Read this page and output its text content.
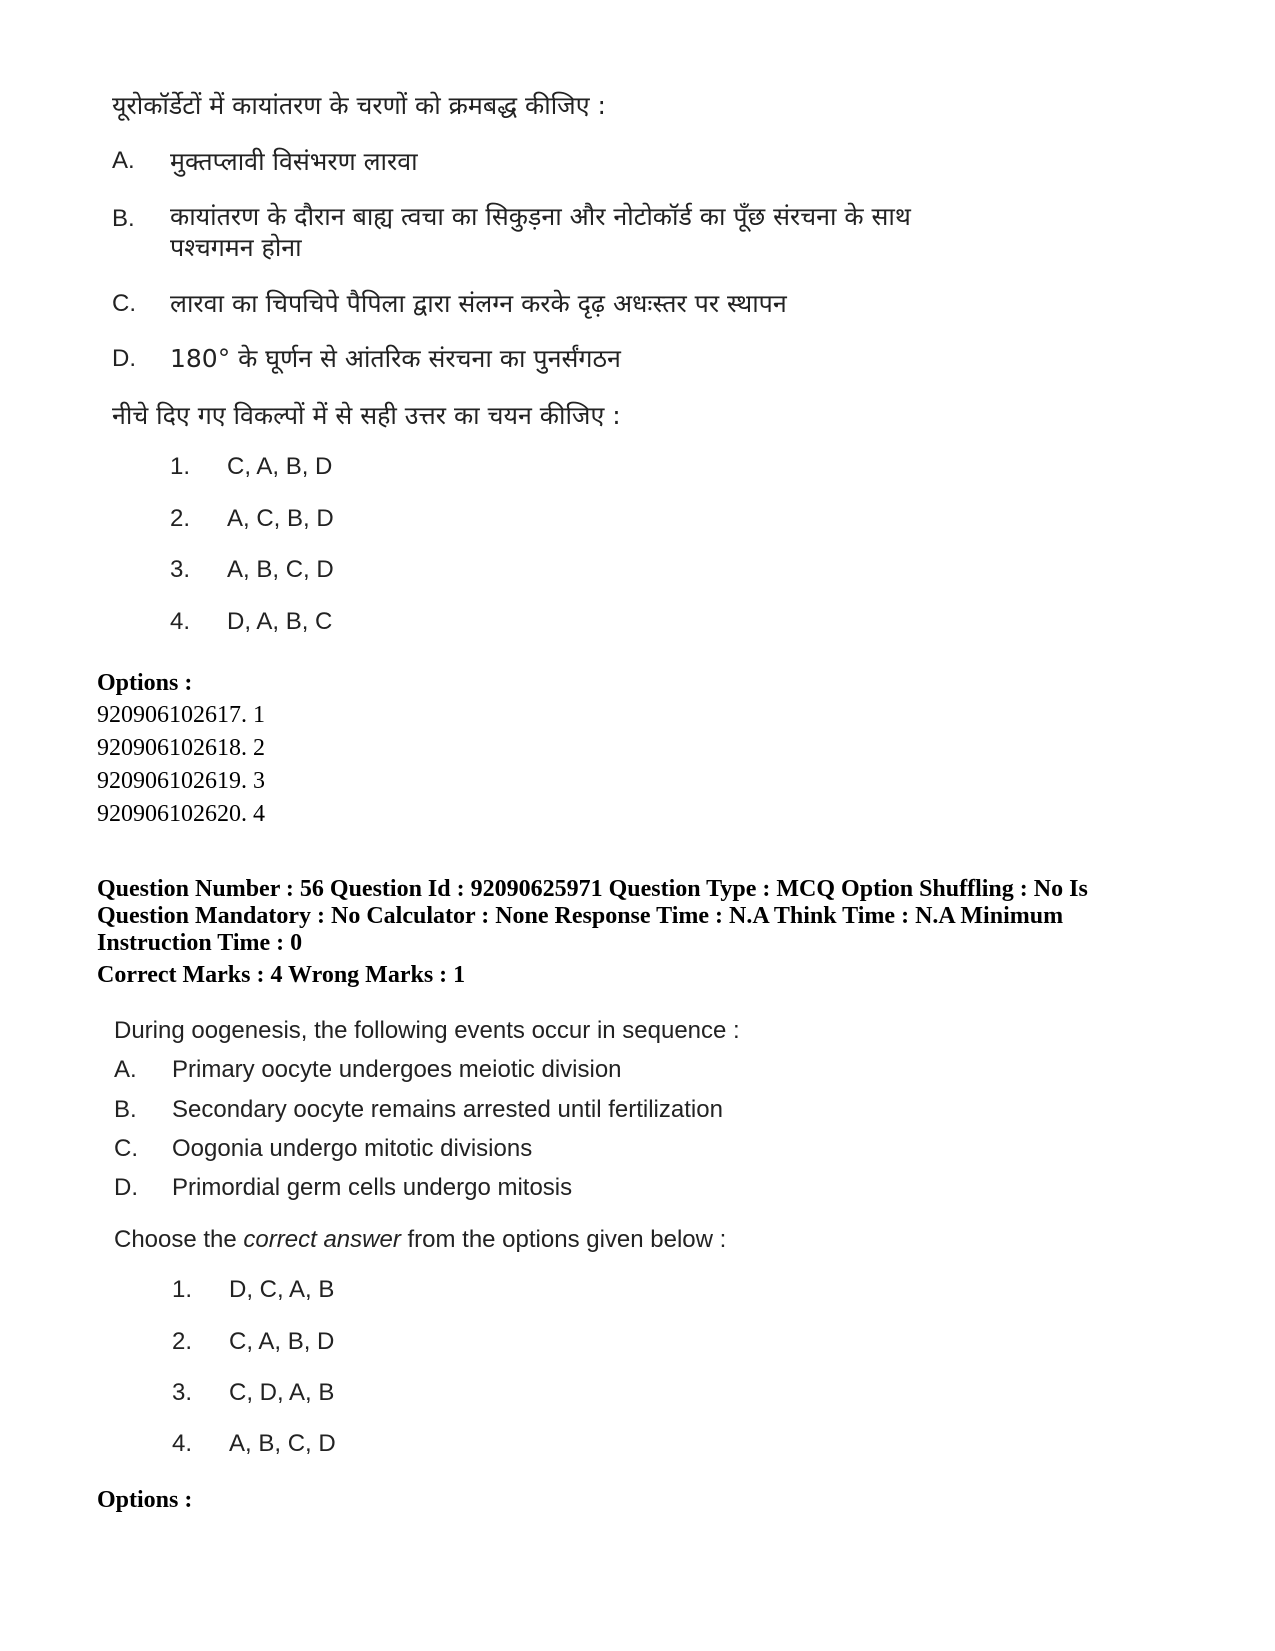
यूरोकॉर्डेटों में कायांतरण के चरणों को क्रमबद्ध कीजिए :
A. मुक्तप्लावी विसंभरण लारवा
B. कायांतरण के दौरान बाह्य त्वचा का सिकुड़ना और नोटोकॉर्ड का पूँछ संरचना के साथ
पश्चगमन होना
C. लारवा का चिपचिपे पैपिला द्वारा संलग्न करके दृढ़ अधःस्तर पर स्थापन
D. 180° के घूर्णन से आंतरिक संरचना का पुनर्संगठन
नीचे दिए गए विकल्पों में से सही उत्तर का चयन कीजिए :
1. C, A, B, D
2. A, C, B, D
3. A, B, C, D
4. D, A, B, C
Options :
920906102617. 1
920906102618. 2
920906102619. 3
920906102620. 4
Question Number : 56 Question Id : 92090625971 Question Type : MCQ Option Shuffling : No Is
Question Mandatory : No Calculator : None Response Time : N.A Think Time : N.A Minimum
Instruction Time : 0
Correct Marks : 4 Wrong Marks : 1
During oogenesis, the following events occur in sequence :
A. Primary oocyte undergoes meiotic division
B. Secondary oocyte remains arrested until fertilization
C. Oogonia undergo mitotic divisions
D. Primordial germ cells undergo mitosis
Choose the correct answer from the options given below :
1. D, C, A, B
2. C, A, B, D
3. C, D, A, B
4. A, B, C, D
Options :
